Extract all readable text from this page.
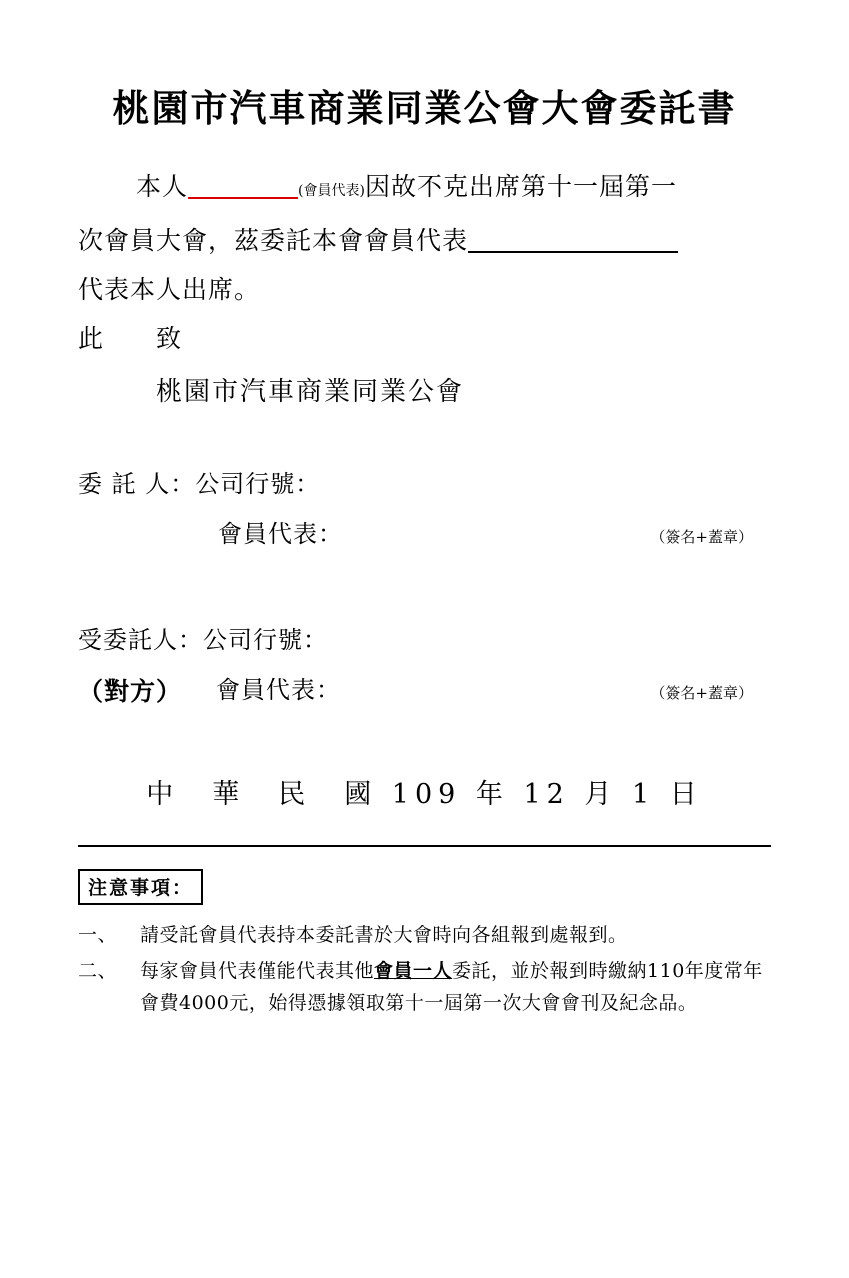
桃園市汽車商業同業公會大會委託書
本人	(會員代表)因故不克出席第十一屆第一
次會員大會，茲委託本會會員代表
代表本人出席。
此　　致
桃園市汽車商業同業公會
委 託 人：公司行號：
會員代表：	（簽名+蓋章）
受委託人：公司行號：
（對方） 會員代表：	（簽名+蓋章）
中　華　民　國 109 年 12 月 1 日
注意事項：
一、	請受託會員代表持本委託書於大會時向各組報到處報到。
二、	每家會員代表僅能代表其他會員一人委託，並於報到時繳納110年度常年會費4000元，始得憑據領取第十一屆第一次大會會刊及紀念品。
